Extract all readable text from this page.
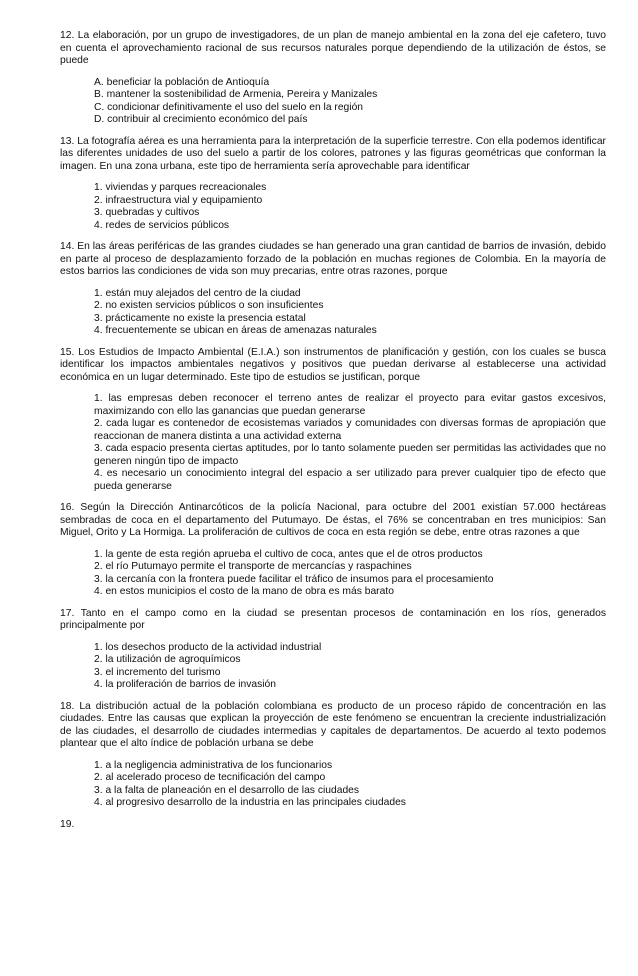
12. La elaboración, por un grupo de investigadores, de un plan de manejo ambiental en la zona del eje cafetero, tuvo en cuenta el aprovechamiento racional de sus recursos naturales porque dependiendo de la utilización de éstos, se puede

A. beneficiar la población de Antioquía
B. mantener la sostenibilidad de Armenia, Pereira y Manizales
C. condicionar definitivamente el uso del suelo en la región
D. contribuir al crecimiento económico del país

13. La fotografía aérea es una herramienta para la interpretación de la superficie terrestre. Con ella podemos identificar las diferentes unidades de uso del suelo a partir de los colores, patrones y las figuras geométricas que conforman la imagen. En una zona urbana, este tipo de herramienta sería aprovechable para identificar

1. viviendas y parques recreacionales
2. infraestructura vial y equipamiento
3. quebradas y cultivos
4. redes de servicios públicos

14. En las áreas periféricas de las grandes ciudades se han generado una gran cantidad de barrios de invasión, debido en parte al proceso de desplazamiento forzado de la población en muchas regiones de Colombia. En la mayoría de estos barrios las condiciones de vida son muy precarias, entre otras razones, porque

1. están muy alejados del centro de la ciudad
2. no existen servicios públicos o son insuficientes
3. prácticamente no existe la presencia estatal
4. frecuentemente se ubican en áreas de amenazas naturales

15. Los Estudios de Impacto Ambiental (E.I.A.) son instrumentos de planificación y gestión, con los cuales se busca identificar los impactos ambientales negativos y positivos que puedan derivarse al establecerse una actividad económica en un lugar determinado. Este tipo de estudios se justifican, porque

1. las empresas deben reconocer el terreno antes de realizar el proyecto para evitar gastos excesivos, maximizando con ello las ganancias que puedan generarse
2. cada lugar es contenedor de ecosistemas variados y comunidades con diversas formas de apropiación que reaccionan de manera distinta a una actividad externa
3. cada espacio presenta ciertas aptitudes, por lo tanto solamente pueden ser permitidas las actividades que no generen ningún tipo de impacto
4. es necesario un conocimiento integral del espacio a ser utilizado para prever cualquier tipo de efecto que pueda generarse

16. Según la Dirección Antinarcóticos de la policía Nacional, para octubre del 2001 existían 57.000 hectáreas sembradas de coca en el departamento del Putumayo. De éstas, el 76% se concentraban en tres municipios: San Miguel, Orito y La Hormiga. La proliferación de cultivos de coca en esta región se debe, entre otras razones a que

1. la gente de esta región aprueba el cultivo de coca, antes que el de otros productos
2. el río Putumayo permite el transporte de mercancías y raspachines
3. la cercanía con la frontera puede facilitar el tráfico de insumos para el procesamiento
4. en estos municipios el costo de la mano de obra es más barato

17. Tanto en el campo como en la ciudad se presentan procesos de contaminación en los ríos, generados principalmente por

1. los desechos producto de la actividad industrial
2. la utilización de agroquímicos
3. el incremento del turismo
4. la proliferación de barrios de invasión

18. La distribución actual de la población colombiana es producto de un proceso rápido de concentración en las ciudades. Entre las causas que explican la proyección de este fenómeno se encuentran la creciente industrialización de las ciudades, el desarrollo de ciudades intermedias y capitales de departamentos. De acuerdo al texto podemos plantear que el alto índice de población urbana se debe

1. a la negligencia administrativa de los funcionarios
2. al acelerado proceso de tecnificación del campo
3. a la falta de planeación en el desarrollo de las ciudades
4. al progresivo desarrollo de la industria en las principales ciudades
19.
